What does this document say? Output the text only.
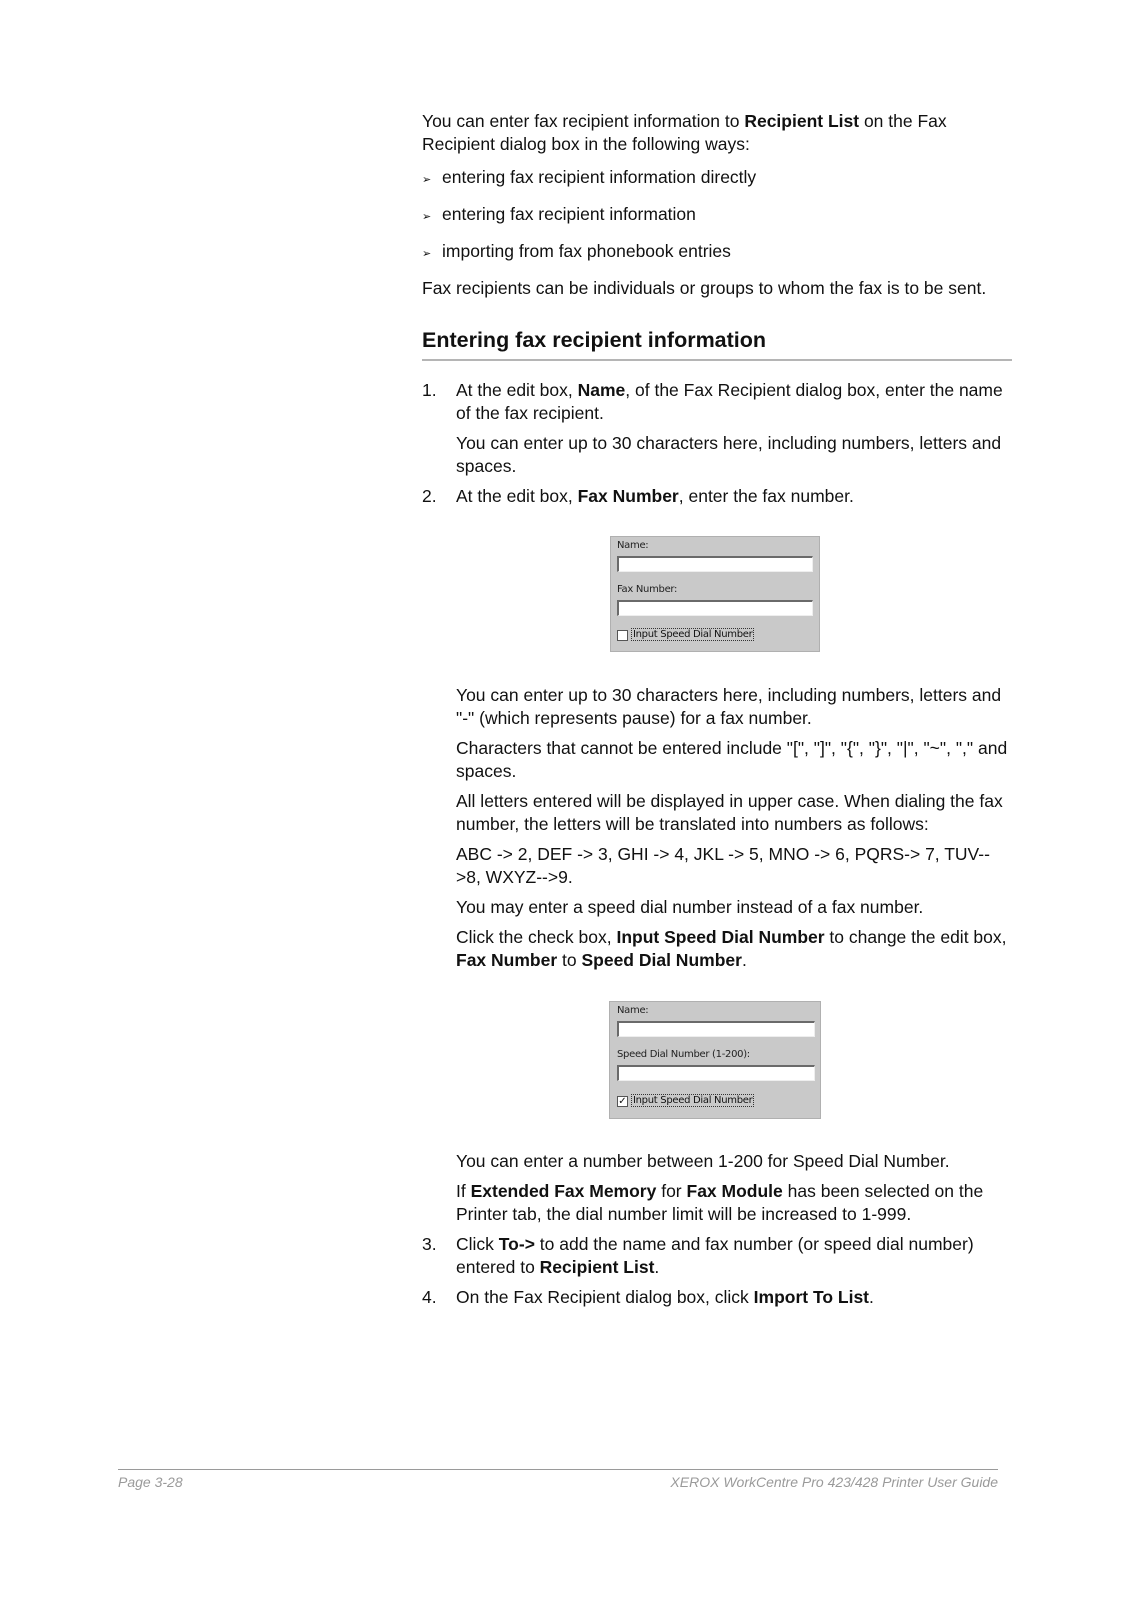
You can enter fax recipient information to Recipient List on the Fax Recipient dialog box in the following ways:

➢ entering fax recipient information directly
➢ entering fax recipient information
➢ importing from fax phonebook entries

Fax recipients can be individuals or groups to whom the fax is to be sent.

Entering fax recipient information
1.	At the edit box, Name, of the Fax Recipient dialog box, enter the name of the fax recipient.

You can enter up to 30 characters here, including numbers, letters and spaces.

2.	At the edit box, Fax Number, enter the fax number.

Name:
Fax Number:
Input Speed Dial Number

You can enter up to 30 characters here, including numbers, letters and "-" (which represents pause) for a fax number.

Characters that cannot be entered include "[", "]", "{", "}", "|", "~", "," and spaces.

All letters entered will be displayed in upper case. When dialing the fax number, the letters will be translated into numbers as follows:

ABC -> 2, DEF -> 3, GHI -> 4, JKL -> 5, MNO -> 6, PQRS-> 7, TUV-->8, WXYZ-->9.

You may enter a speed dial number instead of a fax number.

Click the check box, Input Speed Dial Number to change the edit box, Fax Number to Speed Dial Number.

Name:
Speed Dial Number (1-200):
✓ Input Speed Dial Number

You can enter a number between 1-200 for Speed Dial Number.

If Extended Fax Memory for Fax Module has been selected on the Printer tab, the dial number limit will be increased to 1-999.

3.	Click To-> to add the name and fax number (or speed dial number) entered to Recipient List.

4.	On the Fax Recipient dialog box, click Import To List.

Page 3-28	XEROX WorkCentre Pro 423/428 Printer User Guide
